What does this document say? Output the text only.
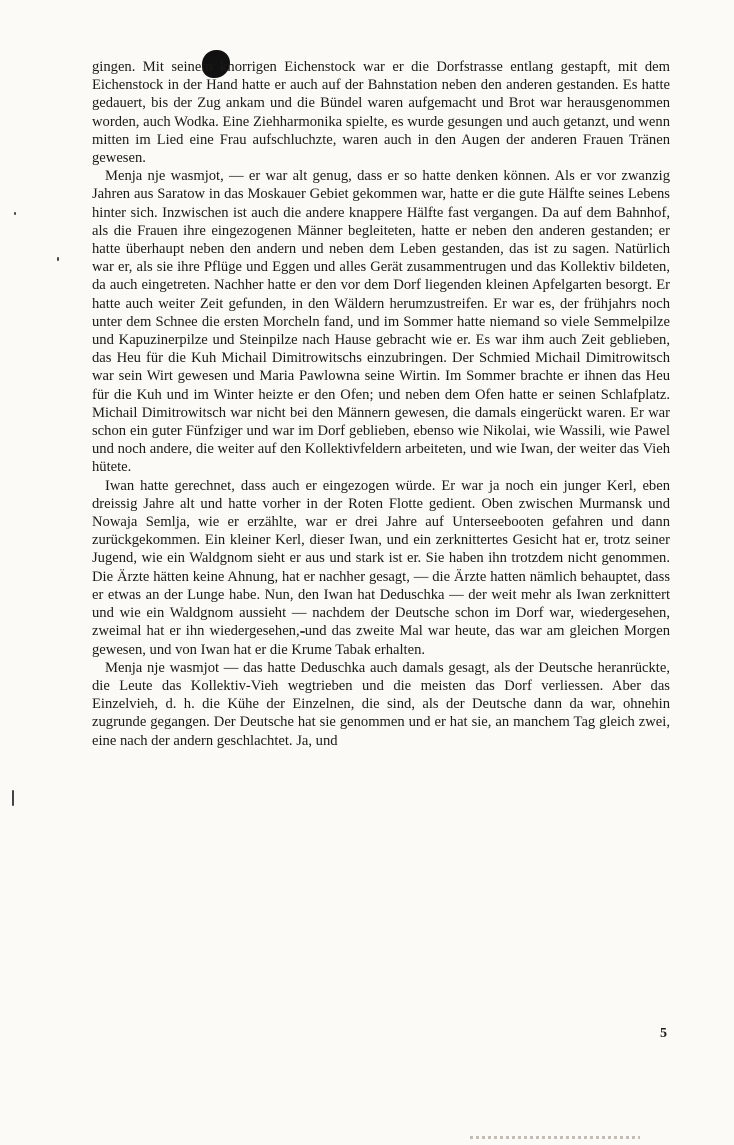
gingen. Mit seinem knorrigen Eichenstock war er die Dorfstrasse entlang gestapft, mit dem Eichenstock in der Hand hatte er auch auf der Bahnstation neben den anderen gestanden. Es hatte gedauert, bis der Zug ankam und die Bündel waren aufgemacht und Brot war herausgenommen worden, auch Wodka. Eine Ziehharmonika spielte, es wurde gesungen und auch getanzt, und wenn mitten im Lied eine Frau aufschluchzte, waren auch in den Augen der anderen Frauen Tränen gewesen.

Menja nje wasmjot, — er war alt genug, dass er so hatte denken können. Als er vor zwanzig Jahren aus Saratow in das Moskauer Gebiet gekommen war, hatte er die gute Hälfte seines Lebens hinter sich. Inzwischen ist auch die andere knappere Hälfte fast vergangen. Da auf dem Bahnhof, als die Frauen ihre eingezogenen Männer begleiteten, hatte er neben den anderen gestanden; er hatte überhaupt neben den andern und neben dem Leben gestanden, das ist zu sagen. Natürlich war er, als sie ihre Pflüge und Eggen und alles Gerät zusammentrugen und das Kollektiv bildeten, da auch eingetreten. Nachher hatte er den vor dem Dorf liegenden kleinen Apfelgarten besorgt. Er hatte auch weiter Zeit gefunden, in den Wäldern herumzustreifen. Er war es, der frühjahrs noch unter dem Schnee die ersten Morcheln fand, und im Sommer hatte niemand so viele Semmelpilze und Kapuzinerpilze und Steinpilze nach Hause gebracht wie er. Es war ihm auch Zeit geblieben, das Heu für die Kuh Michail Dimitrowitschs einzubringen. Der Schmied Michail Dimitrowitsch war sein Wirt gewesen und Maria Pawlowna seine Wirtin. Im Sommer brachte er ihnen das Heu für die Kuh und im Winter heizte er den Ofen; und neben dem Ofen hatte er seinen Schlafplatz. Michail Dimitrowitsch war nicht bei den Männern gewesen, die damals eingerückt waren. Er war schon ein guter Fünfziger und war im Dorf geblieben, ebenso wie Nikolai, wie Wassili, wie Pawel und noch andere, die weiter auf den Kollektivfeldern arbeiteten, und wie Iwan, der weiter das Vieh hütete.

Iwan hatte gerechnet, dass auch er eingezogen würde. Er war ja noch ein junger Kerl, eben dreissig Jahre alt und hatte vorher in der Roten Flotte gedient. Oben zwischen Murmansk und Nowaja Semlja, wie er erzählte, war er drei Jahre auf Unterseebooten gefahren und dann zurückgekommen. Ein kleiner Kerl, dieser Iwan, und ein zerknittertes Gesicht hat er, trotz seiner Jugend, wie ein Waldgnom sieht er aus und stark ist er. Sie haben ihn trotzdem nicht genommen. Die Ärzte hätten keine Ahnung, hat er nachher gesagt, — die Ärzte hatten nämlich behauptet, dass er etwas an der Lunge habe. Nun, den Iwan hat Deduschka — der weit mehr als Iwan zerknittert und wie ein Waldgnom aussieht — nachdem der Deutsche schon im Dorf war, wiedergesehen, zweimal hat er ihn wiedergesehen, und das zweite Mal war heute, das war am gleichen Morgen gewesen, und von Iwan hat er die Krume Tabak erhalten.

Menja nje wasmjot — das hatte Deduschka auch damals gesagt, als der Deutsche heranrückte, die Leute das Kollektiv-Vieh wegtrieben und die meisten das Dorf verliessen. Aber das Einzelvieh, d. h. die Kühe der Einzelnen, die sind, als der Deutsche dann da war, ohnehin zugrunde gegangen. Der Deutsche hat sie genommen und er hat sie, an manchem Tag gleich zwei, eine nach der andern geschlachtet. Ja, und

5
